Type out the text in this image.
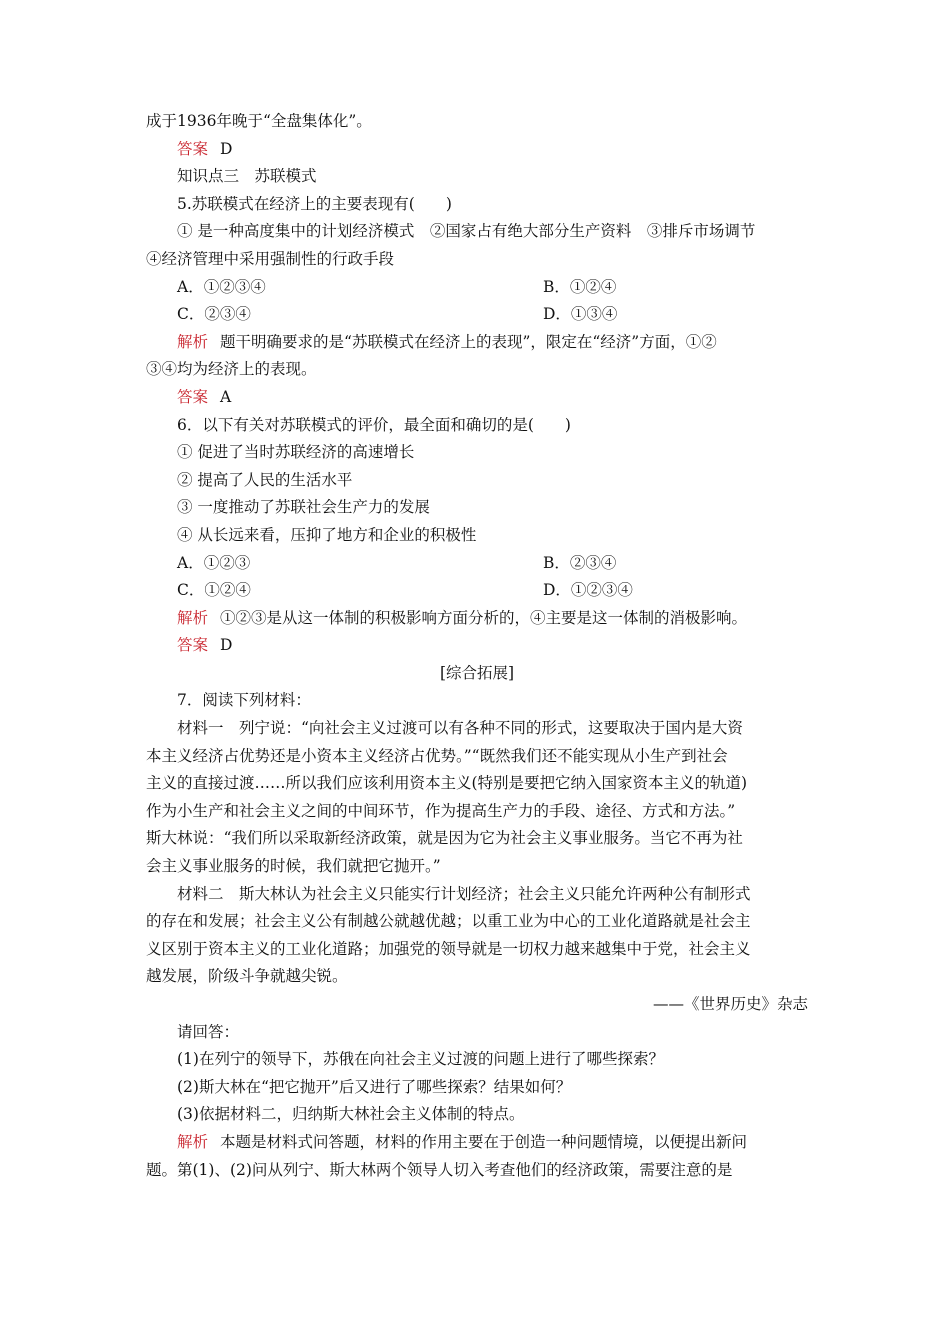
成于1936年晚于“全盘集体化”。
答案 D
知识点三　苏联模式
5.苏联模式在经济上的主要表现有(　　)
① 是一种高度集中的计划经济模式　②国家占有绝大部分生产资料　③排斥市场调节
④经济管理中采用强制性的行政手段
A．①②③④	B．①②④
C．②③④	D．①③④
解析 题干明确要求的是“苏联模式在经济上的表现”，限定在“经济”方面，①②
③④均为经济上的表现。
答案 A
6．以下有关对苏联模式的评价，最全面和确切的是(　　)
① 促进了当时苏联经济的高速增长
② 提高了人民的生活水平
③ 一度推动了苏联社会生产力的发展
④ 从长远来看，压抑了地方和企业的积极性
A．①②③	B．②③④
C．①②④	D．①②③④
解析 ①②③是从这一体制的积极影响方面分析的，④主要是这一体制的消极影响。
答案 D
[综合拓展]
7．阅读下列材料：
材料一　列宁说：“向社会主义过渡可以有各种不同的形式，这要取决于国内是大资
本主义经济占优势还是小资本主义经济占优势。”“既然我们还不能实现从小生产到社会
主义的直接过渡……所以我们应该利用资本主义(特别是要把它纳入国家资本主义的轨道)
作为小生产和社会主义之间的中间环节，作为提高生产力的手段、途径、方式和方法。”
斯大林说：“我们所以采取新经济政策，就是因为它为社会主义事业服务。当它不再为社
会主义事业服务的时候，我们就把它抛开。”
材料二　斯大林认为社会主义只能实行计划经济；社会主义只能允许两种公有制形式
的存在和发展；社会主义公有制越公就越优越；以重工业为中心的工业化道路就是社会主
义区别于资本主义的工业化道路；加强党的领导就是一切权力越来越集中于党，社会主义
越发展，阶级斗争就越尖锐。
——《世界历史》杂志
请回答：
(1)在列宁的领导下，苏俄在向社会主义过渡的问题上进行了哪些探索？
(2)斯大林在“把它抛开”后又进行了哪些探索？结果如何？
(3)依据材料二，归纳斯大林社会主义体制的特点。
解析 本题是材料式问答题，材料的作用主要在于创造一种问题情境，以便提出新问
题。第(1)、(2)问从列宁、斯大林两个领导人切入考查他们的经济政策，需要注意的是
